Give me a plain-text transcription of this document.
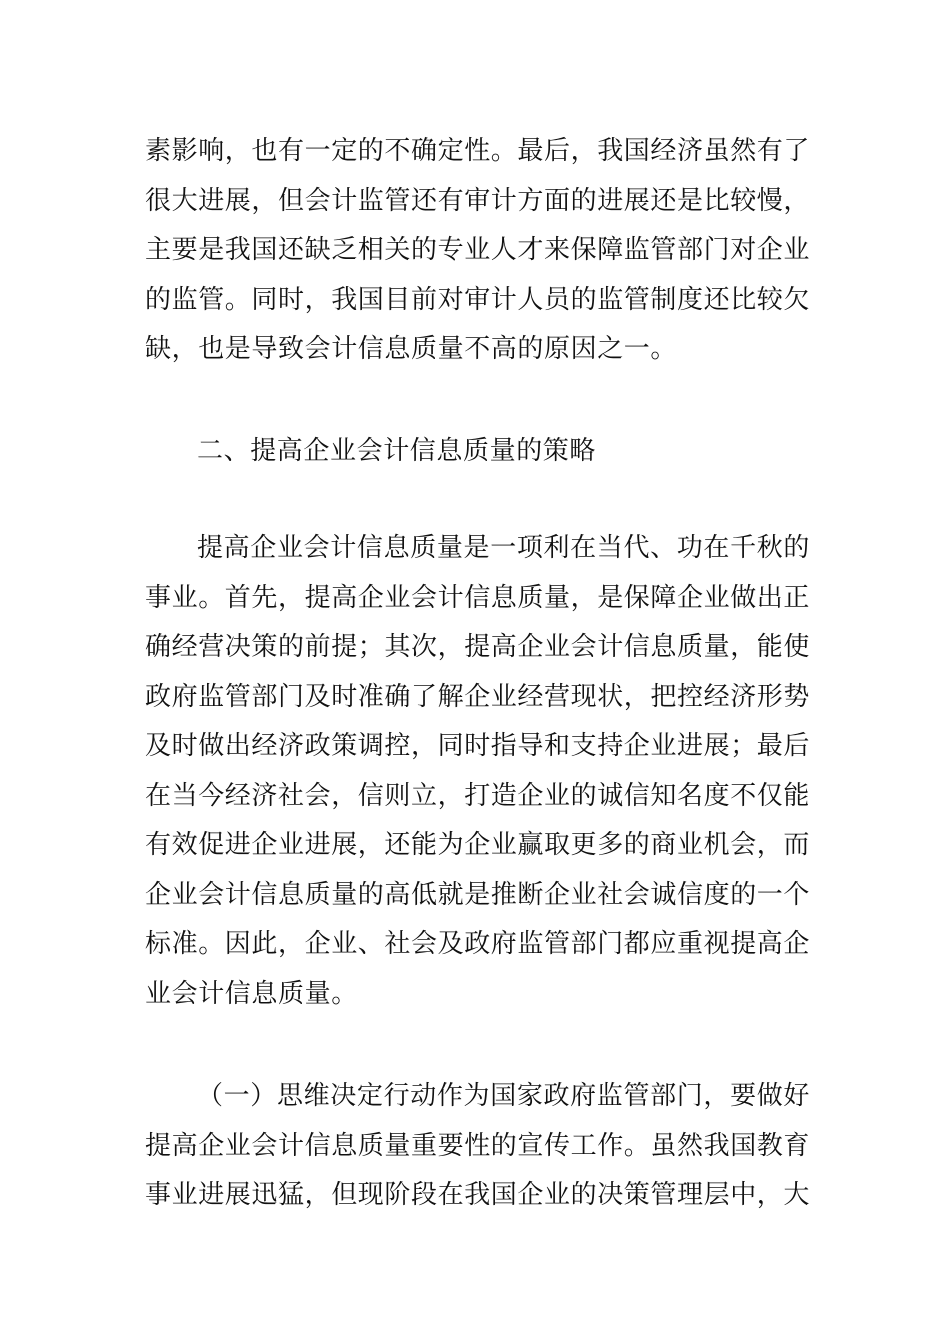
素影响，也有一定的不确定性。最后，我国经济虽然有了
很大进展，但会计监管还有审计方面的进展还是比较慢，
主要是我国还缺乏相关的专业人才来保障监管部门对企业
的监管。同时，我国目前对审计人员的监管制度还比较欠
缺，也是导致会计信息质量不高的原因之一。
二、提高企业会计信息质量的策略
提高企业会计信息质量是一项利在当代、功在千秋的
事业。首先，提高企业会计信息质量，是保障企业做出正
确经营决策的前提；其次，提高企业会计信息质量，能使
政府监管部门及时准确了解企业经营现状，把控经济形势
及时做出经济政策调控，同时指导和支持企业进展；最后
在当今经济社会，信则立，打造企业的诚信知名度不仅能
有效促进企业进展，还能为企业赢取更多的商业机会，而
企业会计信息质量的高低就是推断企业社会诚信度的一个
标准。因此，企业、社会及政府监管部门都应重视提高企
业会计信息质量。
（一）思维决定行动作为国家政府监管部门，要做好
提高企业会计信息质量重要性的宣传工作。虽然我国教育
事业进展迅猛，但现阶段在我国企业的决策管理层中，大
